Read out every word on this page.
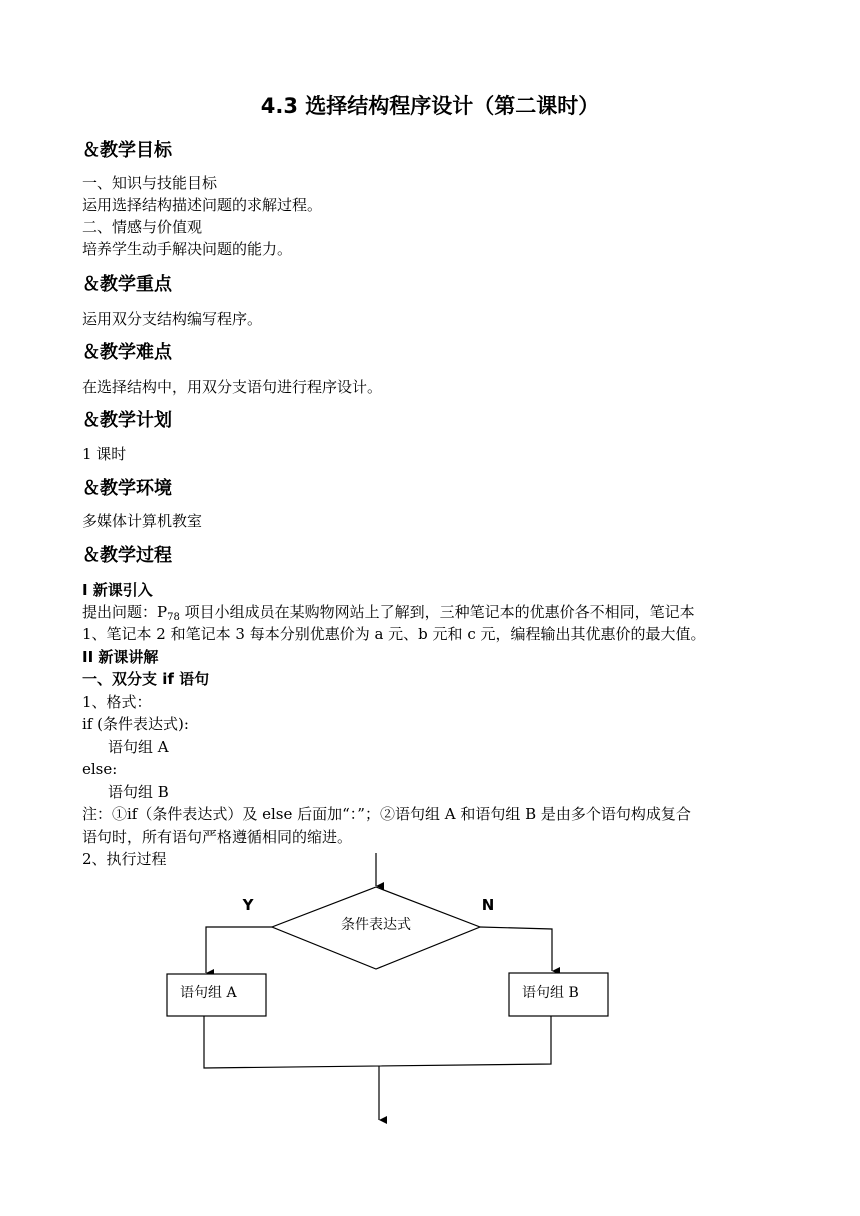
4.3 选择结构程序设计（第二课时）
＆教学目标
一、知识与技能目标
运用选择结构描述问题的求解过程。
二、情感与价值观
培养学生动手解决问题的能力。
＆教学重点
运用双分支结构编写程序。
＆教学难点
在选择结构中，用双分支语句进行程序设计。
＆教学计划
1 课时
＆教学环境
多媒体计算机教室
＆教学过程
I 新课引入
提出问题：$P_{78}$ 项目小组成员在某购物网站上了解到，三种笔记本的优惠价各不相同，笔记本
1、笔记本 2 和笔记本 3 每本分别优惠价为 a 元、b 元和 c 元，编程输出其优惠价的最大值。
II 新课讲解
一、双分支 if 语句
1、格式：
if (条件表达式):
语句组 A
else:
语句组 B
注：①if（条件表达式）及 else 后面加“：”；②语句组 A 和语句组 B 是由多个语句构成复合
语句时，所有语句严格遵循相同的缩进。
2、执行过程
条件表达式
Y	N
语句组 A	语句组 B
